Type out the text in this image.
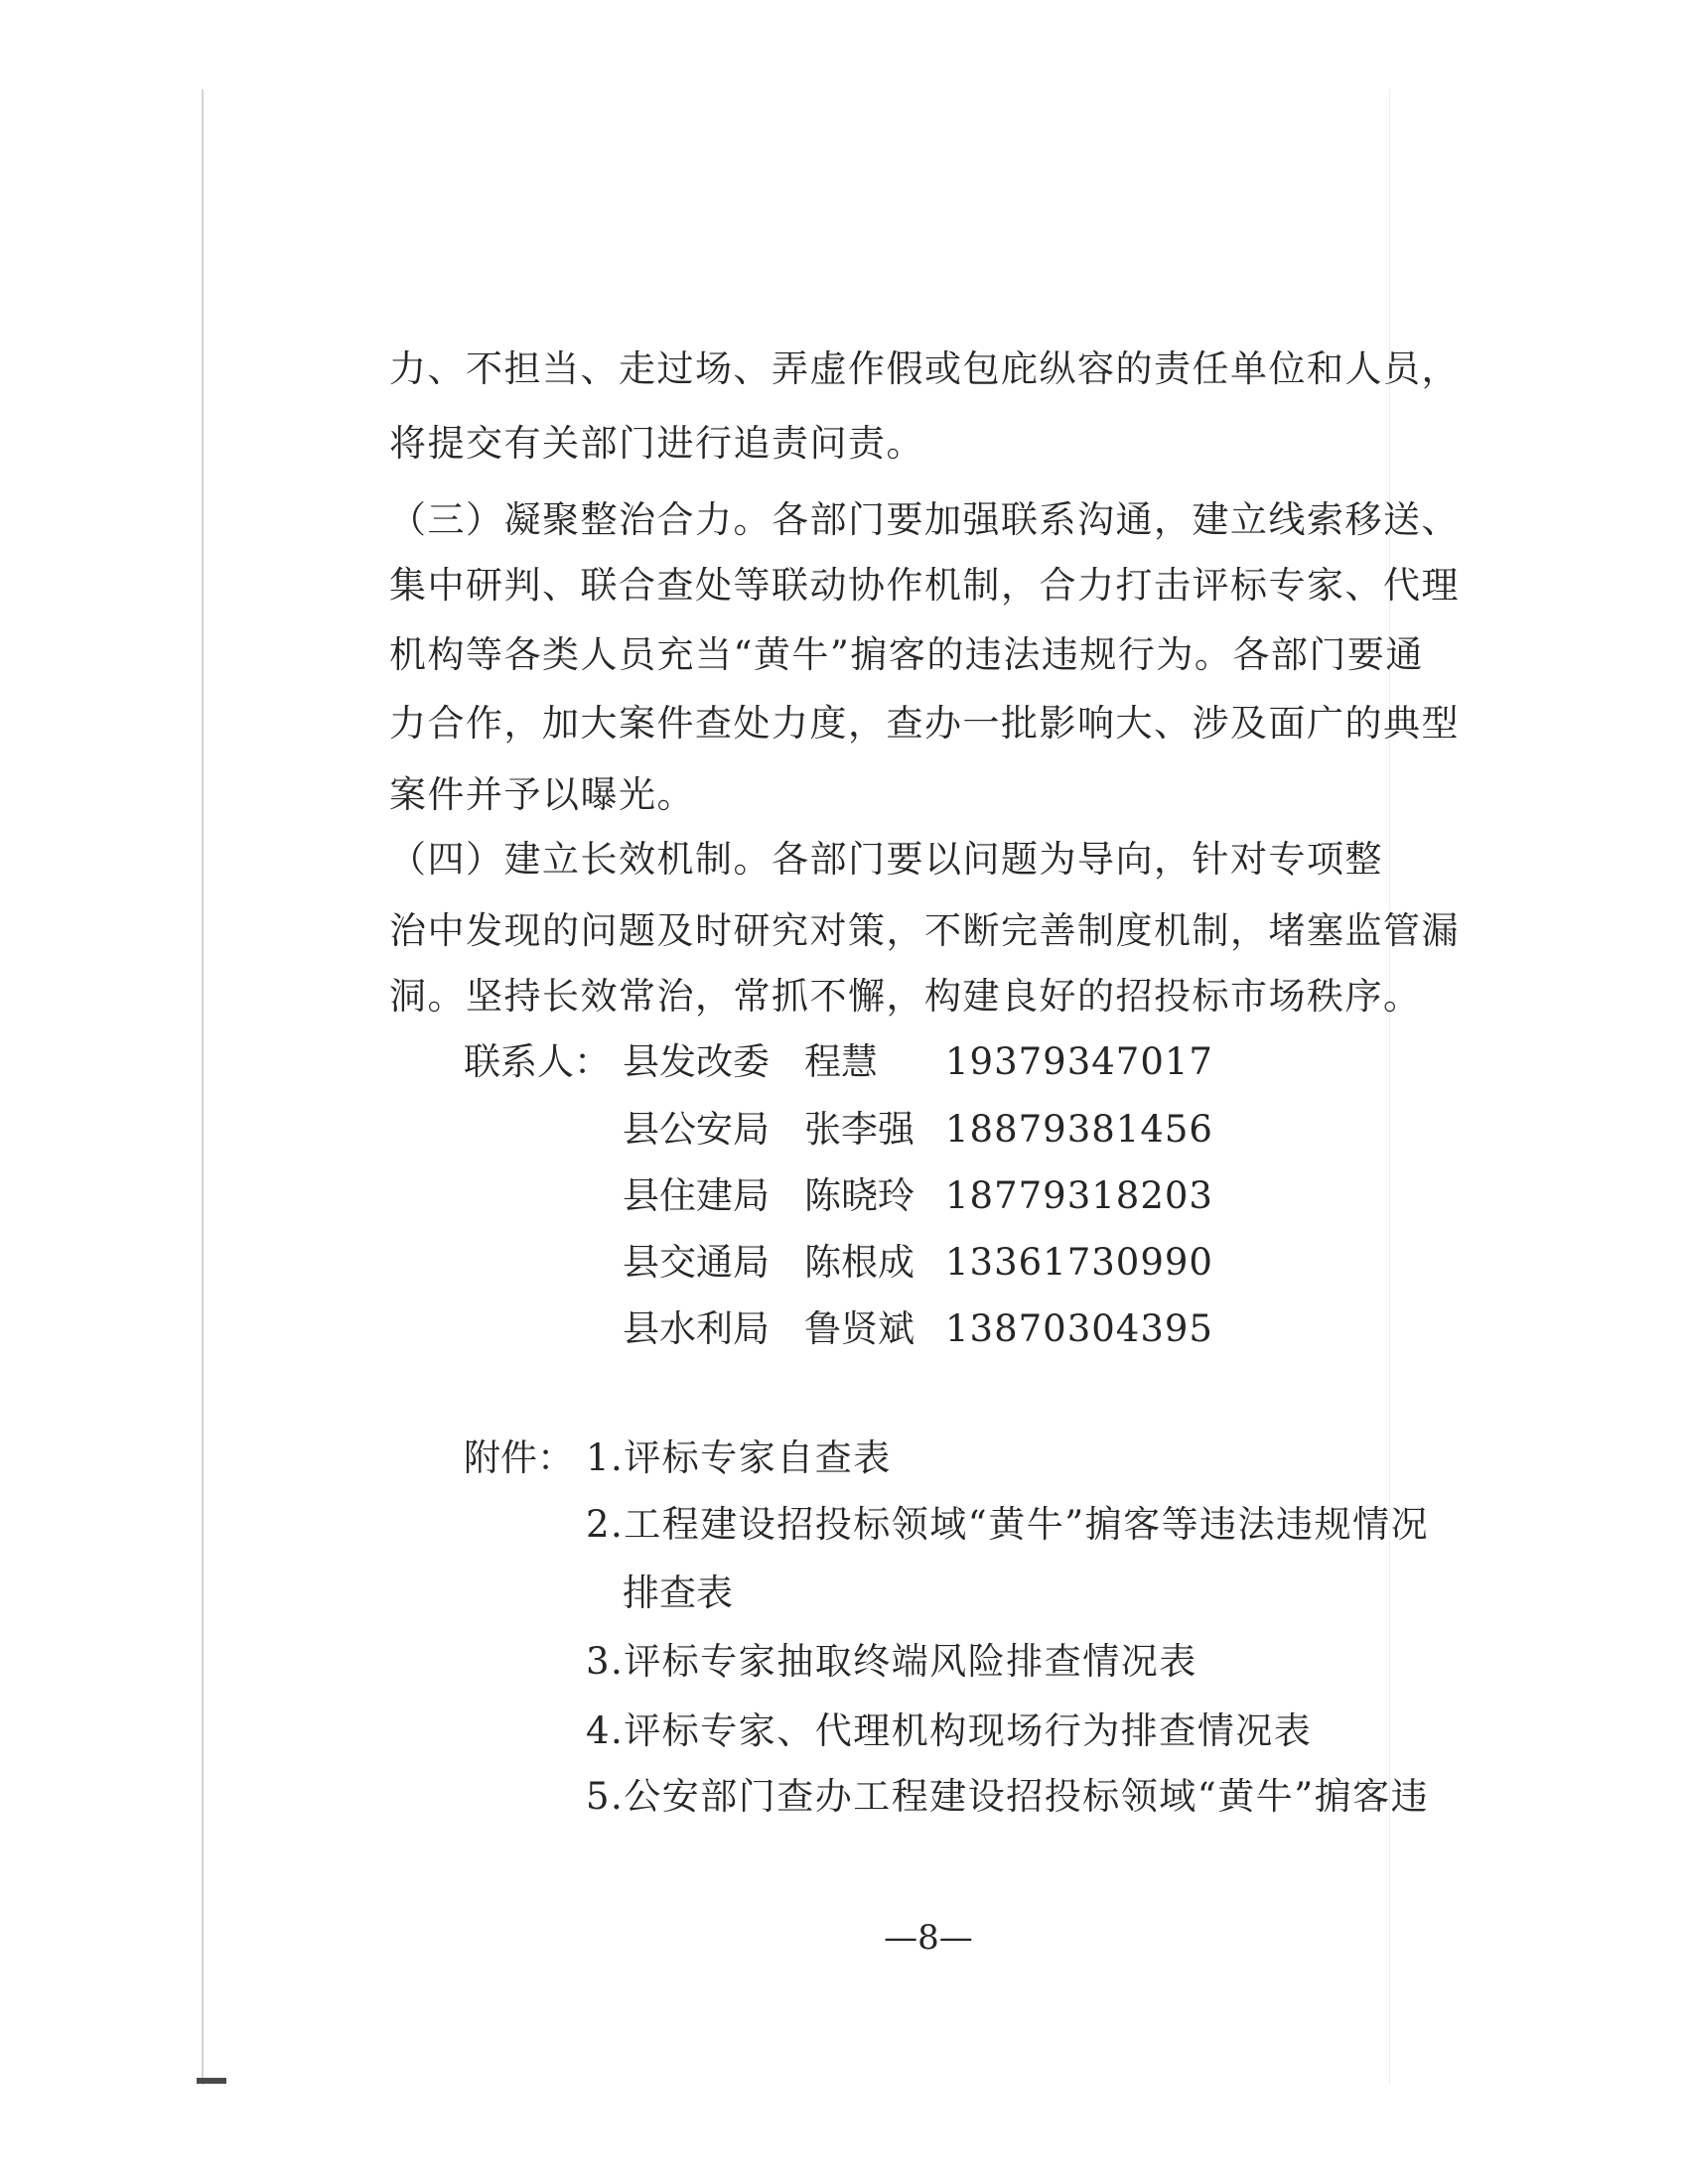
力、不担当、走过场、弄虚作假或包庇纵容的责任单位和人员，
将提交有关部门进行追责问责。
（三）凝聚整治合力。各部门要加强联系沟通，建立线索移送、
集中研判、联合查处等联动协作机制，合力打击评标专家、代理
机构等各类人员充当“黄牛”掮客的违法违规行为。各部门要通
力合作，加大案件查处力度，查办一批影响大、涉及面广的典型
案件并予以曝光。
（四）建立长效机制。各部门要以问题为导向，针对专项整
治中发现的问题及时研究对策，不断完善制度机制，堵塞监管漏
洞。坚持长效常治，常抓不懈，构建良好的招投标市场秩序。
联系人： 县发改委 程慧 19379347017
县公安局 张李强 18879381456
县住建局 陈晓玲 18779318203
县交通局 陈根成 13361730990
县水利局 鲁贤斌 13870304395
附件： 1.评标专家自查表
2.工程建设招投标领域“黄牛”掮客等违法违规情况
排查表
3.评标专家抽取终端风险排查情况表
4.评标专家、代理机构现场行为排查情况表
5.公安部门查办工程建设招投标领域“黄牛”掮客违
—8—
